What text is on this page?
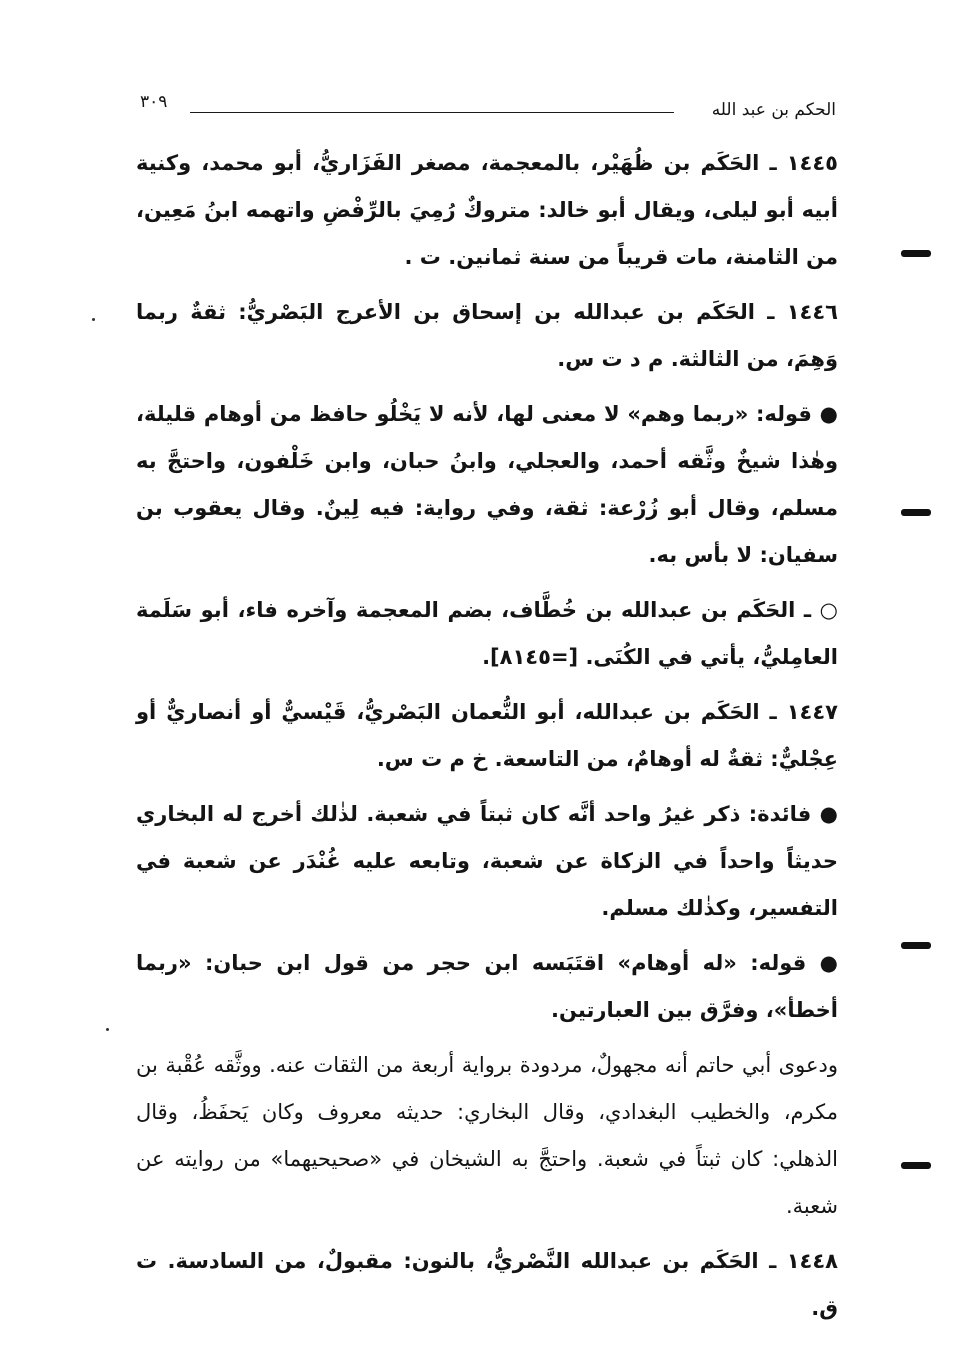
الحكم بن عبد الله
٣٠٩

١٤٤٥ ـ الحَكَم بن ظُهَيْر، بالمعجمة، مصغر الفَزَاريُّ، أبو محمد، وكنية أبيه أبو ليلى، ويقال أبو خالد: متروكٌ رُمِيَ بالرِّفْضِ واتهمه ابنُ مَعِين، من الثامنة، مات قريباً من سنة ثمانين. ت .

١٤٤٦ ـ الحَكَم بن عبدالله بن إسحاق بن الأعرج البَصْريُّ: ثقةٌ ربما وَهِمَ، من الثالثة. م د ت س.

● قوله: «ربما وهم» لا معنى لها، لأنه لا يَخْلُو حافظ من أوهام قليلة، وهٰذا شيخٌ وثَّقه أحمد، والعجلي، وابنُ حبان، وابن خَلْفون، واحتجَّ به مسلم، وقال أبو زُرْعة: ثقة، وفي رواية: فيه لِينٌ. وقال يعقوب بن سفيان: لا بأس به.

○ ـ الحَكَم بن عبدالله بن خُطَّاف، بضم المعجمة وآخره فاء، أبو سَلَمة العامِليُّ، يأتي في الكُنَى. [=٨١٤٥].

١٤٤٧ ـ الحَكَم بن عبدالله، أبو النُّعمان البَصْريُّ، قَيْسيٌّ أو أنصاريٌّ أو عِجْليٌّ: ثقةٌ له أوهامٌ، من التاسعة. خ م ت س.

● فائدة: ذكر غيرُ واحد أنَّه كان ثبتاً في شعبة. لذٰلك أخرج له البخاري حديثاً واحداً في الزكاة عن شعبة، وتابعه عليه غُنْدَر عن شعبة في التفسير، وكذٰلك مسلم.

● قوله: «له أوهام» اقتَبَسه ابن حجر من قول ابن حبان: «ربما أخطأ»، وفرَّق بين العبارتين.

ودعوى أبي حاتم أنه مجهولٌ، مردودة برواية أربعة من الثقات عنه. ووثَّقه عُقْبة بن مكرم، والخطيب البغدادي، وقال البخاري: حديثه معروف وكان يَحفَظُ، وقال الذهلي: كان ثبتاً في شعبة. واحتجَّ به الشيخان في «صحيحيهما» من روايته عن شعبة.

١٤٤٨ ـ الحَكَم بن عبدالله النَّصْريُّ، بالنون: مقبولٌ، من السادسة. ت ق.
